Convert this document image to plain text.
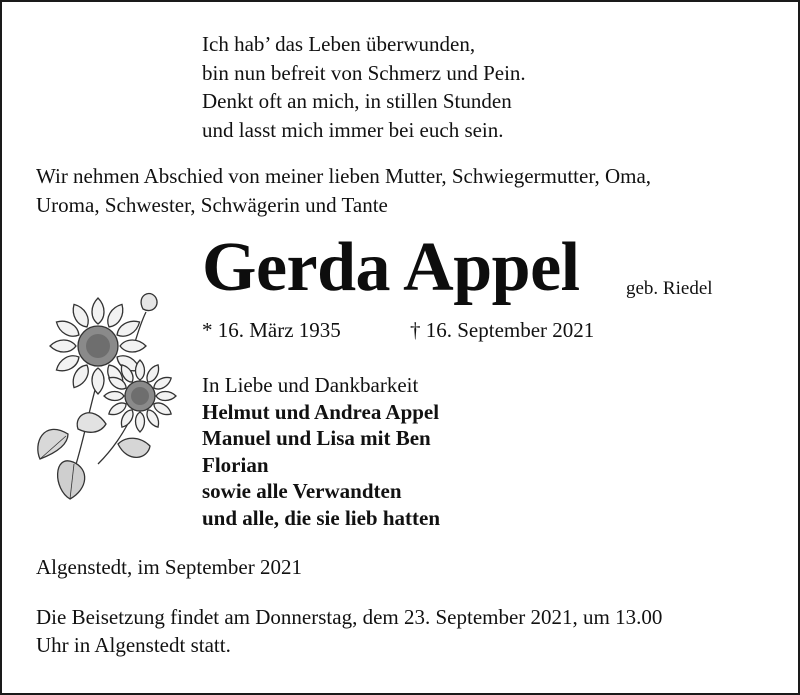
Ich hab’ das Leben überwunden,
bin nun befreit von Schmerz und Pein.
Denkt oft an mich, in stillen Stunden
und lasst mich immer bei euch sein.
Wir nehmen Abschied von meiner lieben Mutter, Schwiegermutter, Oma,
Uroma, Schwester, Schwägerin und Tante
Gerda Appel geb. Riedel
* 16. März 1935	† 16. September 2021
In Liebe und Dankbarkeit
Helmut und Andrea Appel
Manuel und Lisa mit Ben
Florian
sowie alle Verwandten
und alle, die sie lieb hatten
Algenstedt, im September 2021
Die Beisetzung findet am Donnerstag, dem 23. September 2021, um 13.00
Uhr in Algenstedt statt.
